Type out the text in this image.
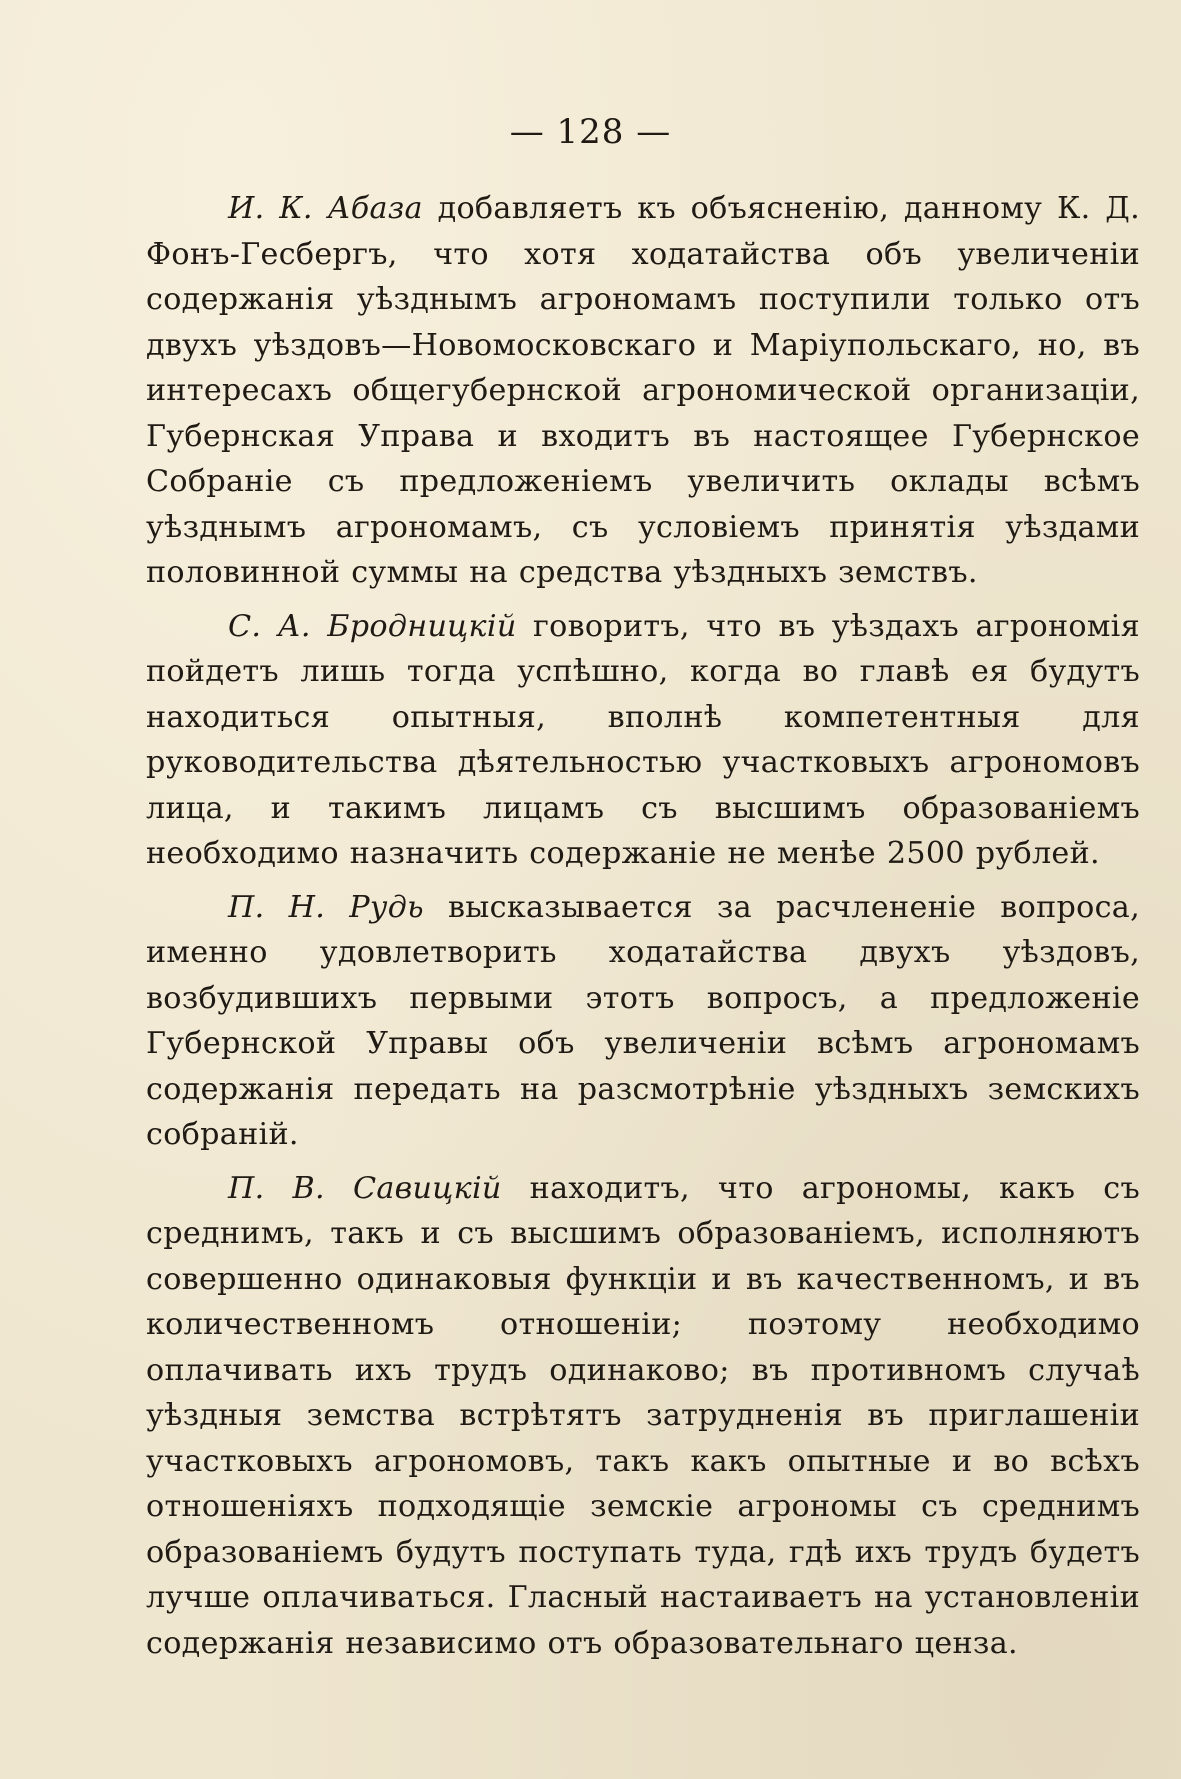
— 128 —

И. К. Абаза добавляетъ къ объясненію, данному К. Д. Фонъ-Гесбергъ, что хотя ходатайства объ увеличеніи содержанія уѣзднымъ агрономамъ поступили только отъ двухъ уѣздовъ—Новомосковскаго и Маріупольскаго, но, въ интересахъ общегубернской агрономической организаціи, Губернская Управа и входитъ въ настоящее Губернское Собраніе съ предложеніемъ увеличить оклады всѣмъ уѣзднымъ агрономамъ, съ условіемъ принятія уѣздами половинной суммы на средства уѣздныхъ земствъ.

С. А. Бродницкій говоритъ, что въ уѣздахъ агрономія пойдетъ лишь тогда успѣшно, когда во главѣ ея будутъ находиться опытныя, вполнѣ компетентныя для руководительства дѣятельностью участковыхъ агрономовъ лица, и такимъ лицамъ съ высшимъ образованіемъ необходимо назначить содержаніе не менѣе 2500 рублей.

П. Н. Рудь высказывается за расчлененіе вопроса, именно удовлетворить ходатайства двухъ уѣздовъ, возбудившихъ первыми этотъ вопросъ, а предложеніе Губернской Управы объ увеличеніи всѣмъ агрономамъ содержанія передать на разсмотрѣніе уѣздныхъ земскихъ собраній.

П. В. Савицкій находитъ, что агрономы, какъ съ среднимъ, такъ и съ высшимъ образованіемъ, исполняютъ совершенно одинаковыя функціи и въ качественномъ, и въ количественномъ отношеніи; поэтому необходимо оплачивать ихъ трудъ одинаково; въ противномъ случаѣ уѣздныя земства встрѣтятъ затрудненія въ приглашеніи участковыхъ агрономовъ, такъ какъ опытные и во всѣхъ отношеніяхъ подходящіе земскіе агрономы съ среднимъ образованіемъ будутъ поступать туда, гдѣ ихъ трудъ будетъ лучше оплачиваться. Гласный настаиваетъ на установленіи содержанія независимо отъ образовательнаго ценза.
